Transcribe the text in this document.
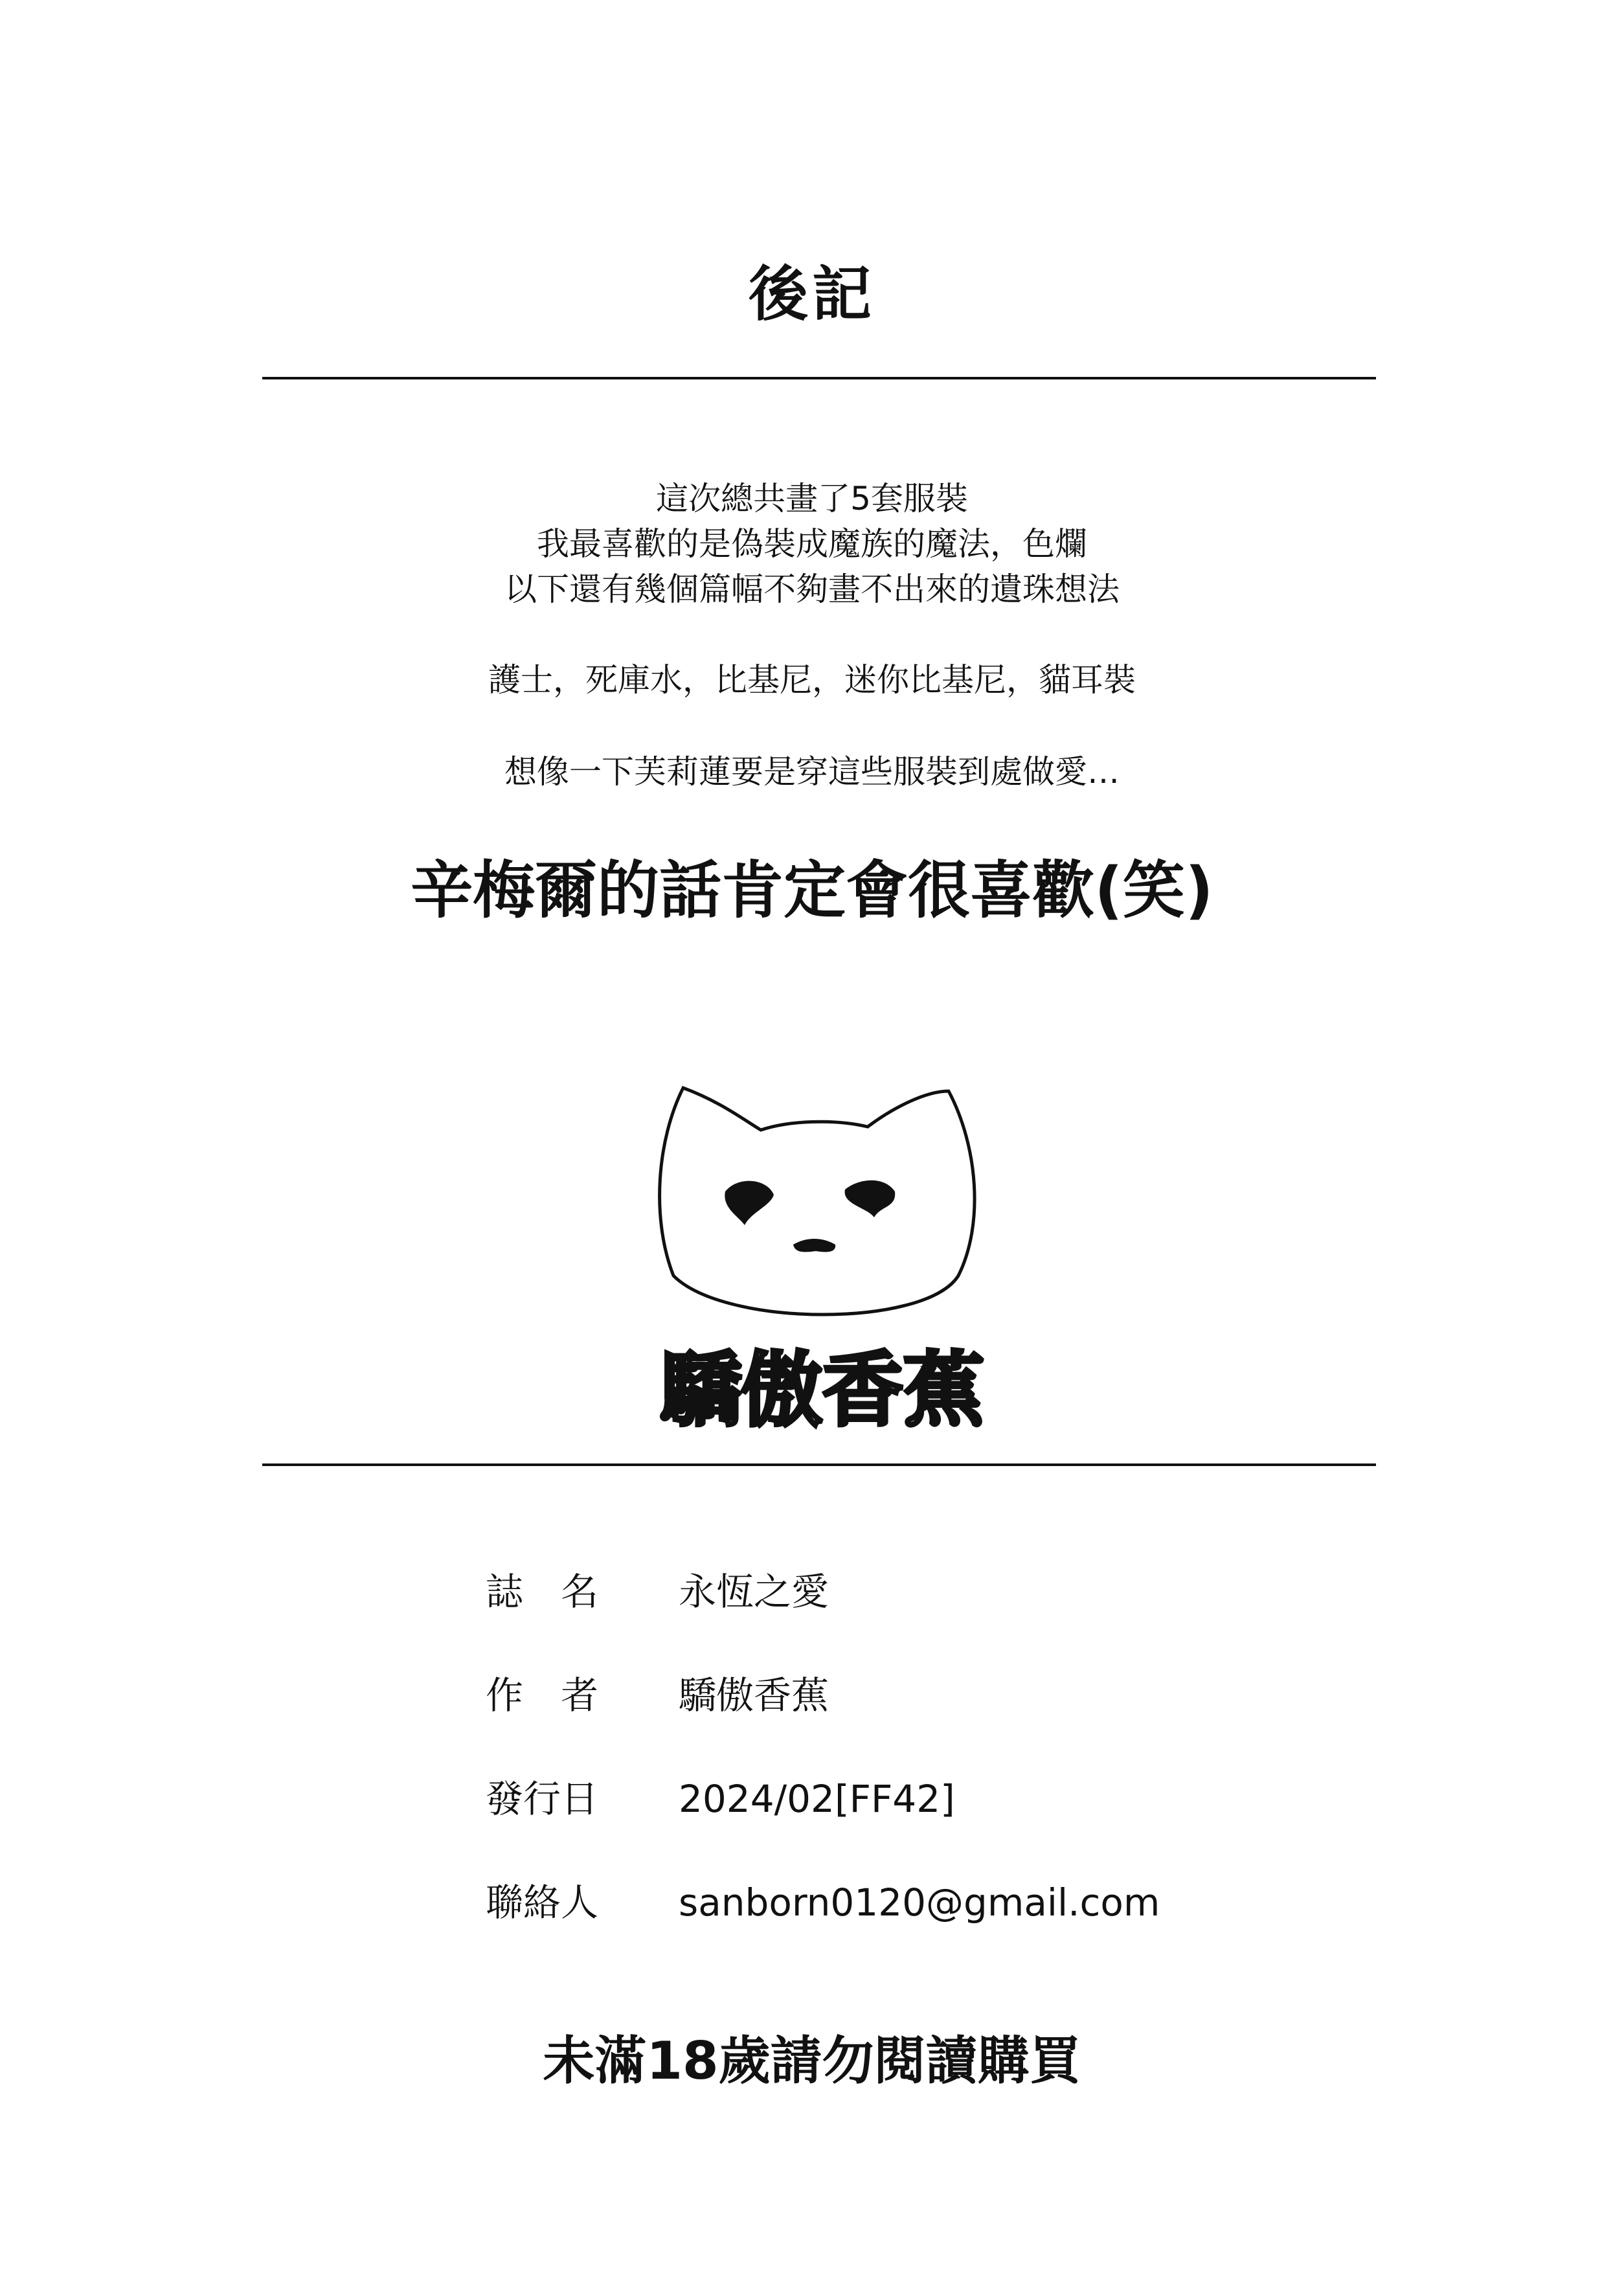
後記
這次總共畫了5套服裝
我最喜歡的是偽裝成魔族的魔法，色爛
以下還有幾個篇幅不夠畫不出來的遺珠想法
護士，死庫水，比基尼，迷你比基尼，貓耳裝
想像一下芙莉蓮要是穿這些服裝到處做愛…
辛梅爾的話肯定會很喜歡(笑)
驕傲香蕉
誌　名	永恆之愛
作　者	驕傲香蕉
發行日	2024/02[FF42]
聯絡人	sanborn0120@gmail.com
未滿18歲請勿閱讀購買
